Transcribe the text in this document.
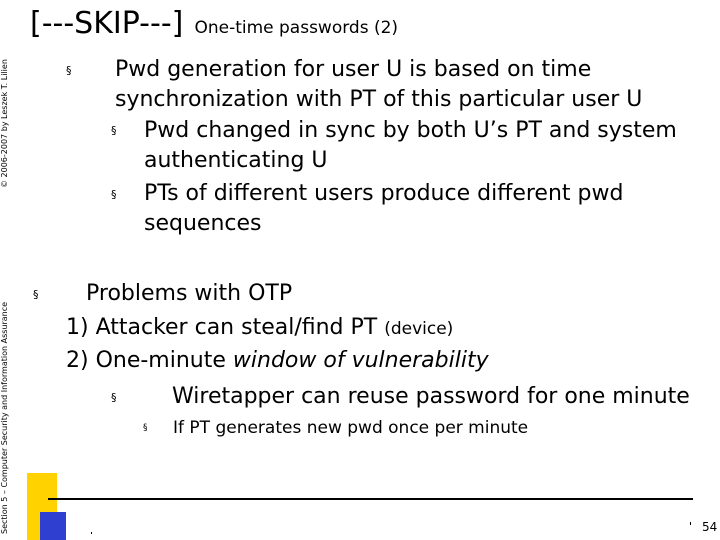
[---SKIP---] One-time passwords (2)
© 2006-2007 by Leszek T. Lilien
Section 5 – Computer Security and Information Assurance
§ Pwd generation for user U is based on time
synchronization with PT of this particular user U
§ Pwd changed in sync by both U’s PT and system
authenticating U
§ PTs of different users produce different pwd
sequences
§ Problems with OTP
1) Attacker can steal/find PT (device)
2) One-minute window of vulnerability
§	Wiretapper can reuse password for one minute
§ If PT generates new pwd once per minute
54
